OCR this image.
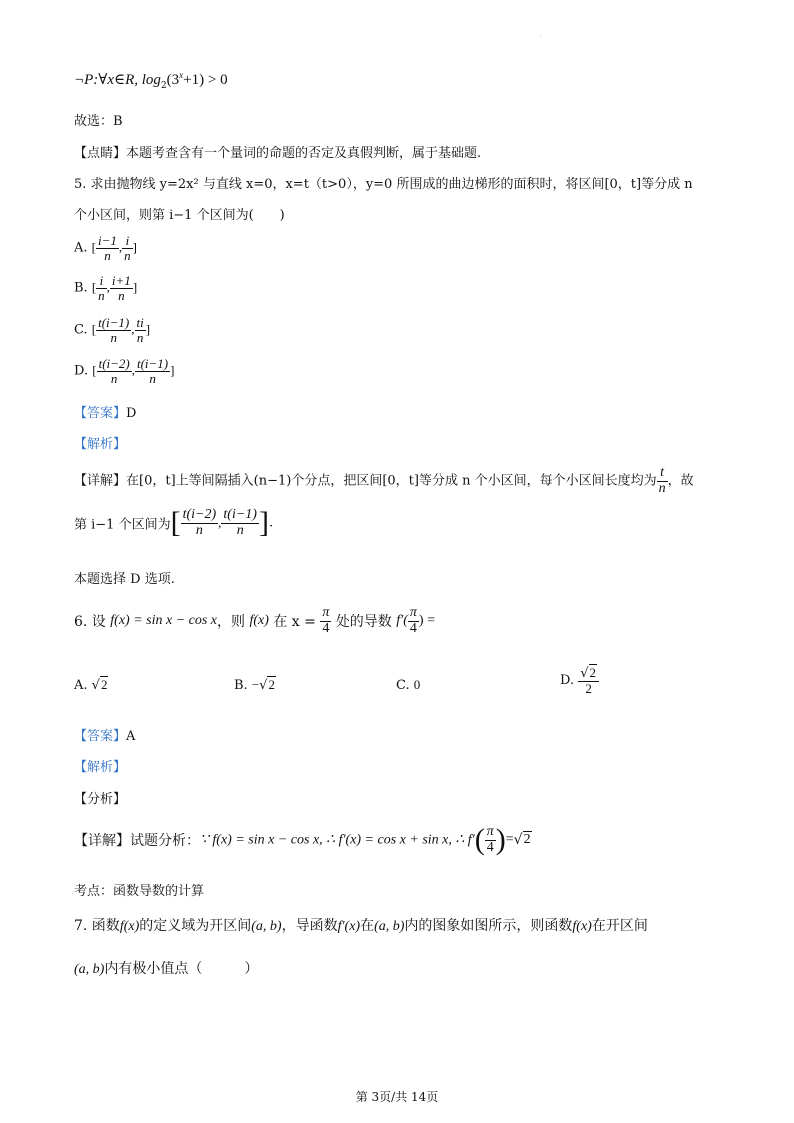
·
¬P:∀x∈R, $\log_2(3^x+1) > 0$
故选：B
【点睛】本题考查含有一个量词的命题的否定及真假判断，属于基础题.
5. 求由抛物线 y=2x² 与直线 x=0，x=t（t>0），y=0 所围成的曲边梯形的面积时，将区间[0，t]等分成 n
个小区间，则第 i−1 个区间为(　　)
A. [ $\frac{i-1}{n}$ , $\frac{i}{n}$ ]
B. [ $\frac{i}{n}$ , $\frac{i+1}{n}$ ]
C. [ $\frac{t(i-1)}{n}$ , $\frac{ti}{n}$ ]
D. [ $\frac{t(i-2)}{n}$ , $\frac{t(i-1)}{n}$ ]
【答案】D
【解析】
【详解】在[0，t]上等间隔插入(n−1)个分点，把区间[0，t]等分成 n 个小区间，每个小区间长度均为 $\frac{t}{n}$ ，故
第 i−1 个区间为[ $\frac{t(i-2)}{n}$ , $\frac{t(i-1)}{n}$ ].
本题选择 D 选项.
6. 设 f(x) = sin x − cos x，则 f(x) 在 $x = \frac{\pi}{4}$ 处的导数 $f'( \frac{\pi}{4}$ ) =
A. √2	B. −√2	C. 0	D. $\frac{√2}{2}$
【答案】A
【解析】
【分析】
【详解】试题分析：∵ f(x) = sin x − cos x, ∴ f′(x) = cos x + sin x, ∴ $f'( \frac{\pi}{4} )=√2$
考点：函数导数的计算
7. 函数f(x)的定义域为开区间(a, b)，导函数f′(x)在(a, b)内的图象如图所示，则函数f(x)在开区间
(a, b)内有极小值点（　　　）
第 3页/共 14页
